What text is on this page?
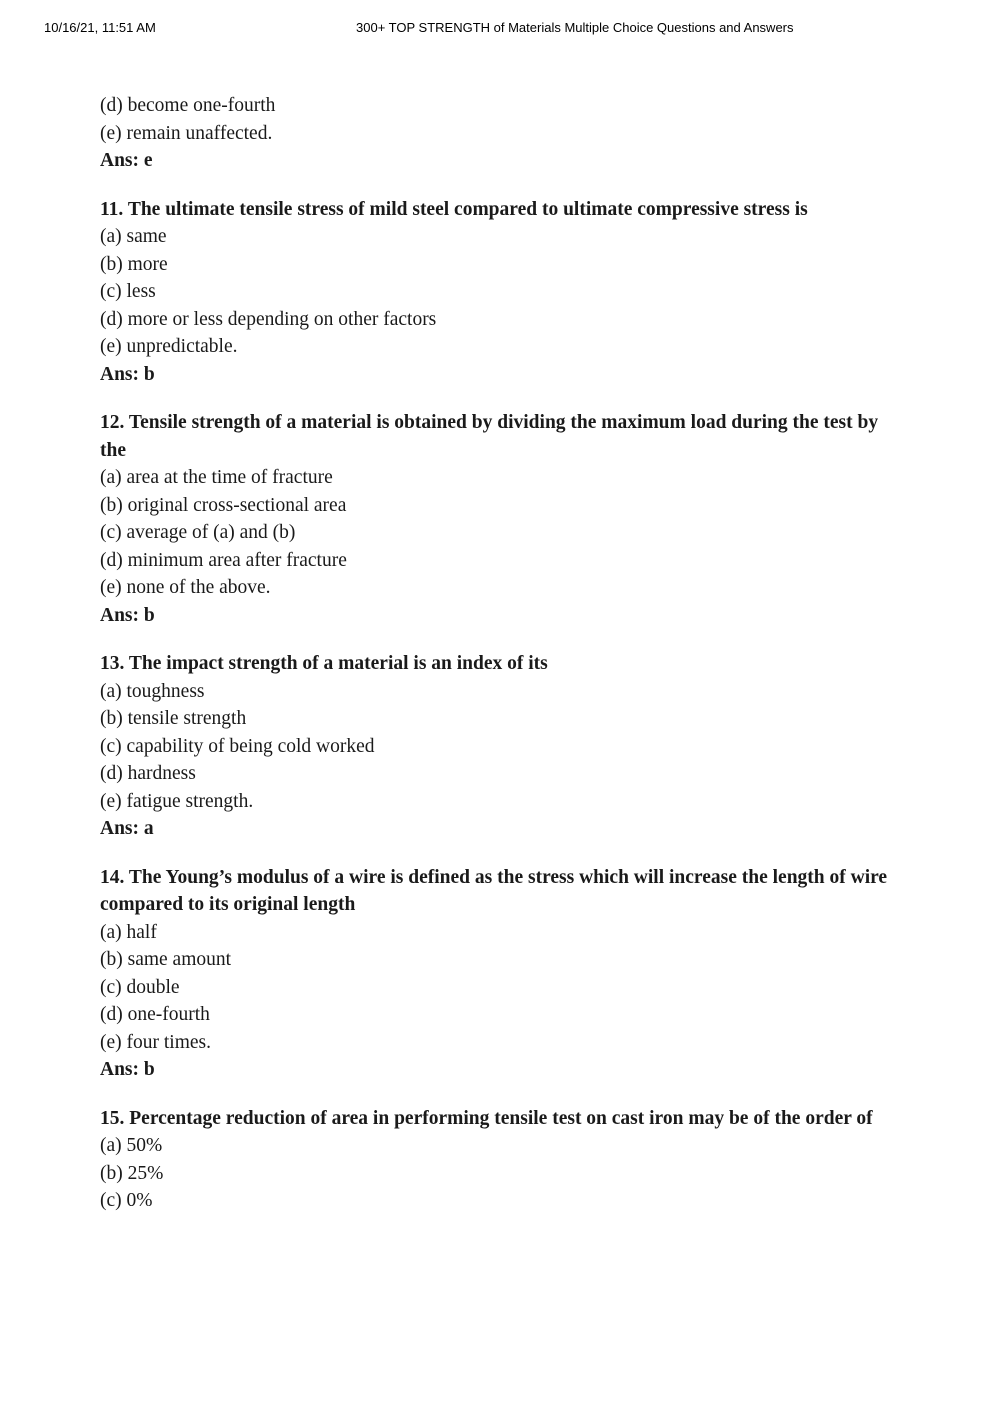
10/16/21, 11:51 AM	300+ TOP STRENGTH of Materials Multiple Choice Questions and Answers

(d) become one-fourth

(e) remain unaffected.

Ans: e

11. The ultimate tensile stress of mild steel compared to ultimate compressive stress is

(a) same

(b) more

(c) less

(d) more or less depending on other factors

(e) unpredictable.

Ans: b

12. Tensile strength of a material is obtained by dividing the maximum load during the test by the

(a) area at the time of fracture

(b) original cross-sectional area

(c) average of (a) and (b)

(d) minimum area after fracture

(e) none of the above.

Ans: b

13. The impact strength of a material is an index of its

(a) toughness

(b) tensile strength

(c) capability of being cold worked

(d) hardness

(e) fatigue strength.

Ans: a

14. The Young’s modulus of a wire is defined as the stress which will increase the length of wire compared to its original length

(a) half

(b) same amount

(c) double

(d) one-fourth

(e) four times.

Ans: b

15. Percentage reduction of area in performing tensile test on cast iron may be of the order of

(a) 50%

(b) 25%

(c) 0%
